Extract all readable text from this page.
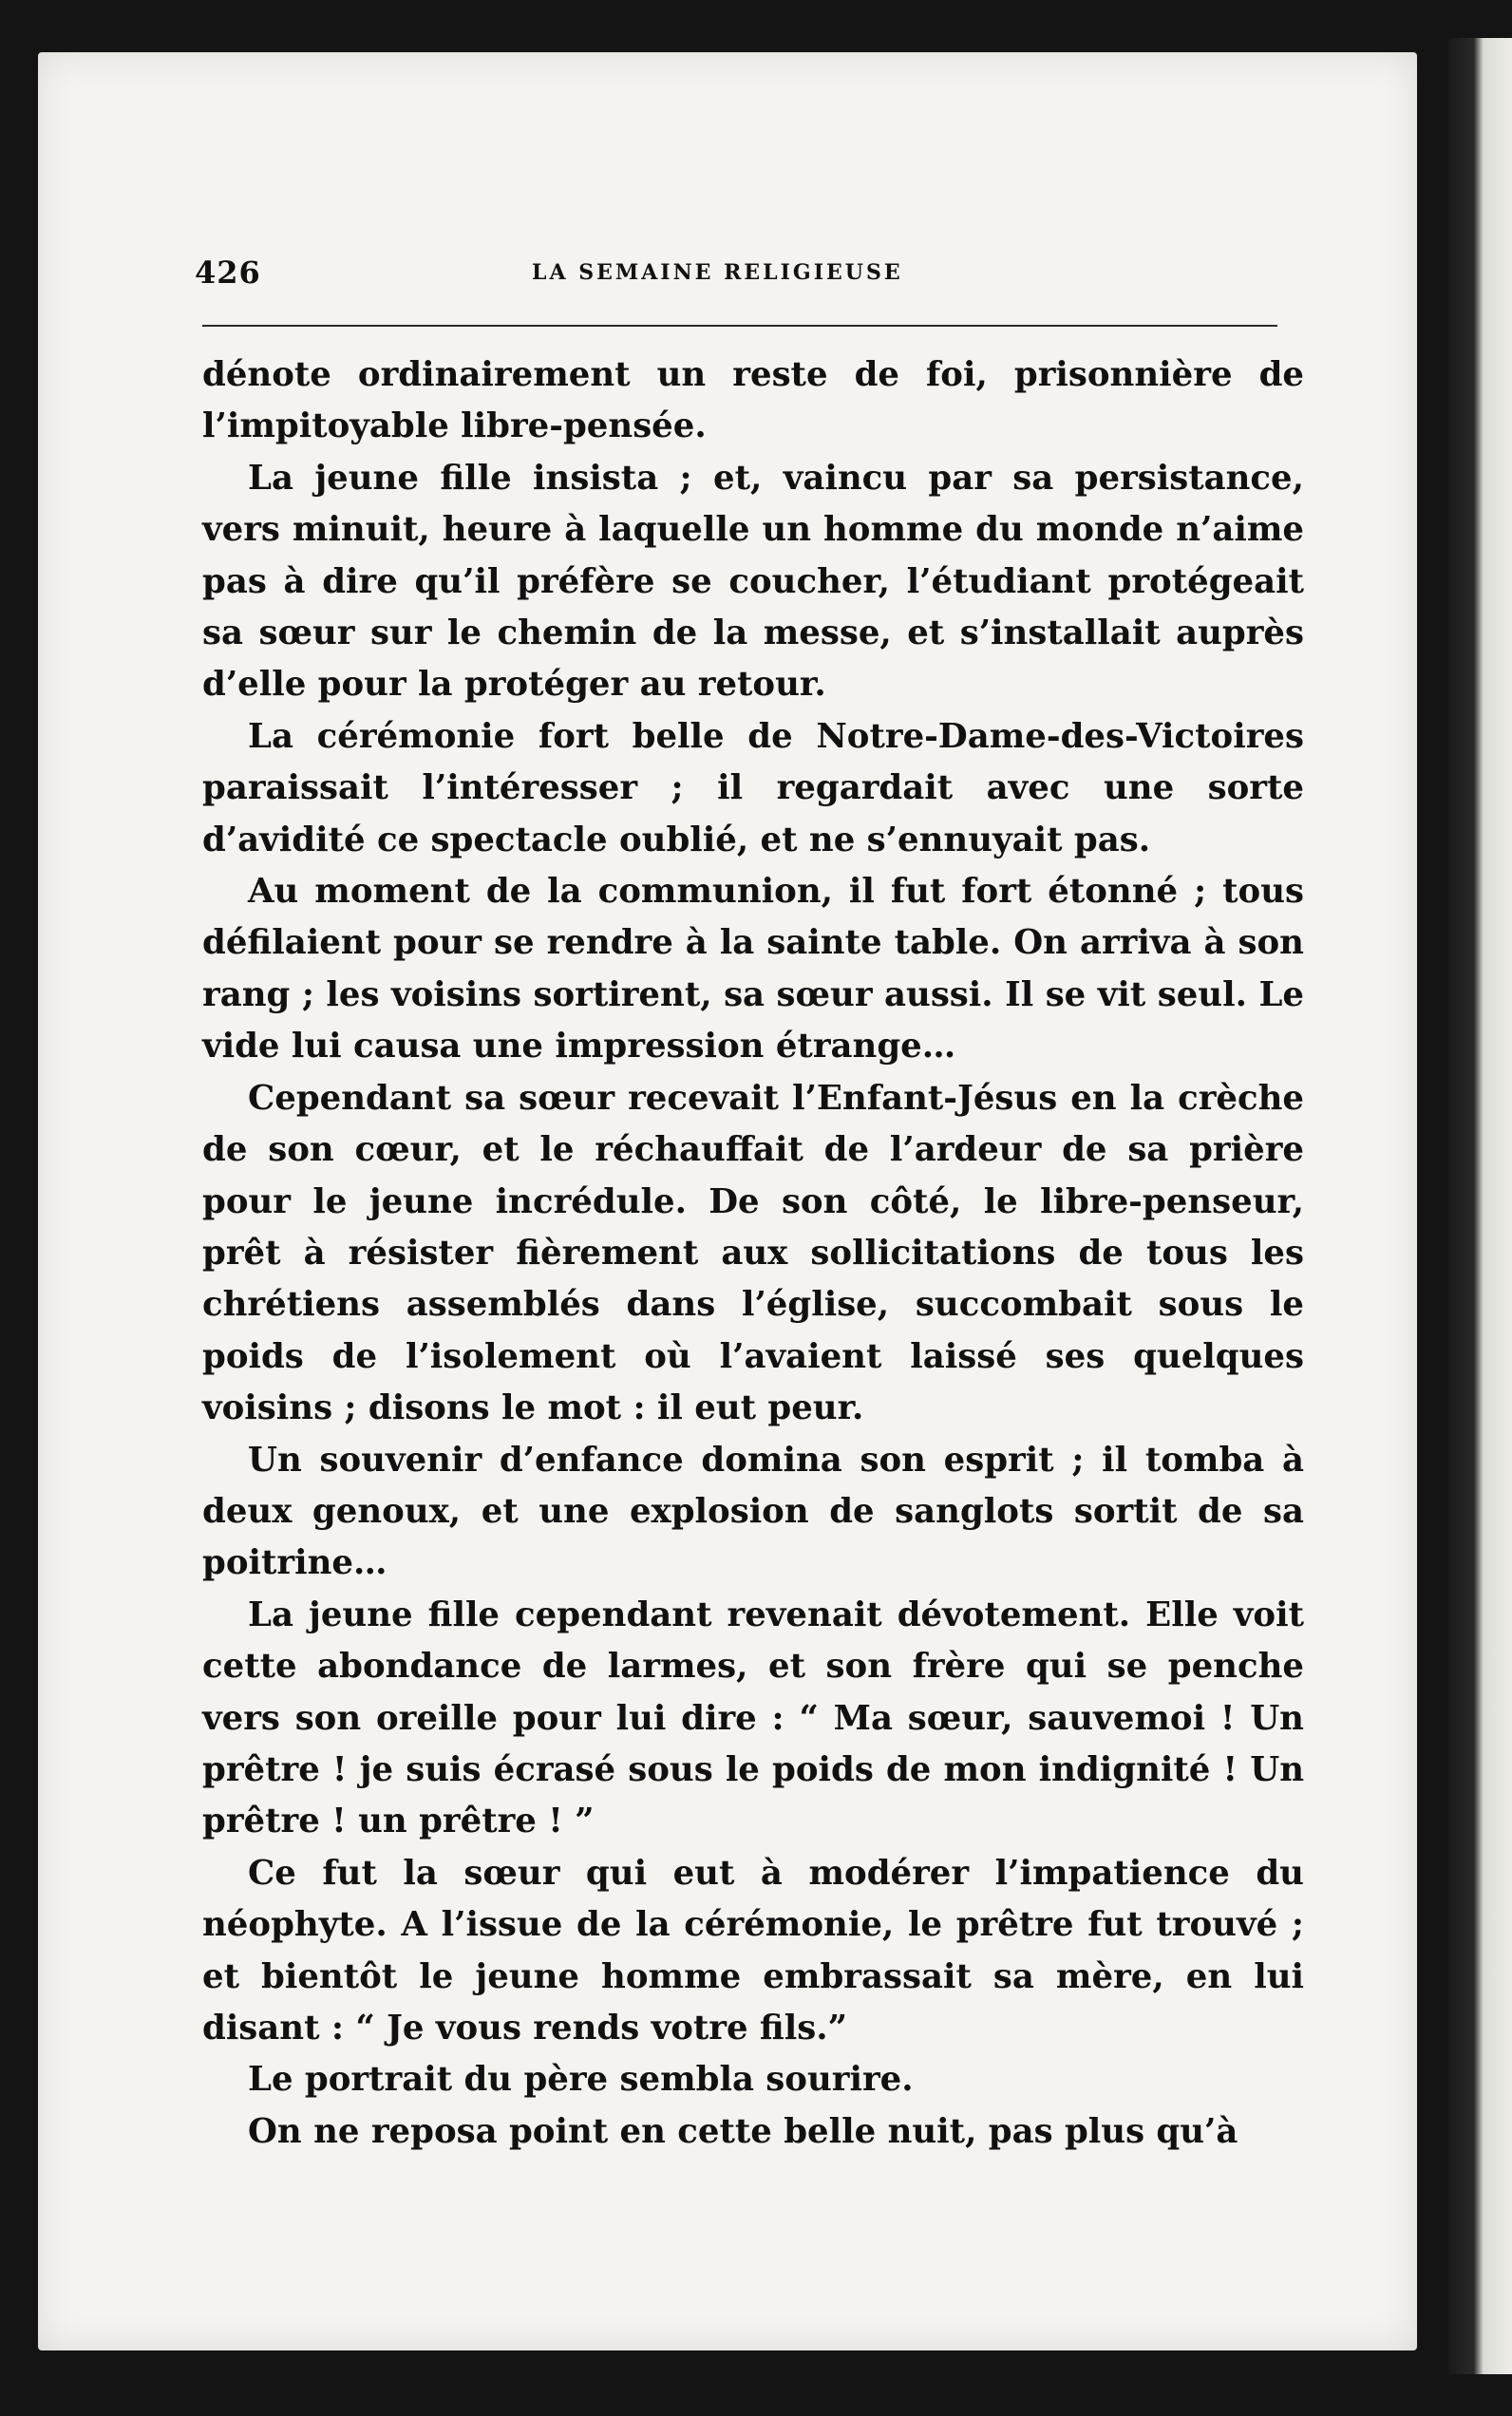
426	LA SEMAINE RELIGIEUSE

dénote ordinairement un reste de foi, prisonnière de l’impitoyable libre-pensée.

La jeune fille insista ; et, vaincu par sa persistance, vers minuit, heure à laquelle un homme du monde n’aime pas à dire qu’il préfère se coucher, l’étudiant protégeait sa sœur sur le chemin de la messe, et s’installait auprès d’elle pour la protéger au retour.

La cérémonie fort belle de Notre-Dame-des-Victoires paraissait l’intéresser ; il regardait avec une sorte d’avidité ce spectacle oublié, et ne s’ennuyait pas.

Au moment de la communion, il fut fort étonné ; tous défilaient pour se rendre à la sainte table. On arriva à son rang ; les voisins sortirent, sa sœur aussi. Il se vit seul. Le vide lui causa une impression étrange…

Cependant sa sœur recevait l’Enfant-Jésus en la crèche de son cœur, et le réchauffait de l’ardeur de sa prière pour le jeune incrédule. De son côté, le libre-penseur, prêt à résister fièrement aux sollicitations de tous les chrétiens assemblés dans l’église, succombait sous le poids de l’isolement où l’avaient laissé ses quelques voisins ; disons le mot : il eut peur.

Un souvenir d’enfance domina son esprit ; il tomba à deux genoux, et une explosion de sanglots sortit de sa poitrine…

La jeune fille cependant revenait dévotement. Elle voit cette abondance de larmes, et son frère qui se penche vers son oreille pour lui dire : “ Ma sœur, sauvemoi ! Un prêtre ! je suis écrasé sous le poids de mon indignité ! Un prêtre ! un prêtre ! ”

Ce fut la sœur qui eut à modérer l’impatience du néophyte. A l’issue de la cérémonie, le prêtre fut trouvé ; et bientôt le jeune homme embrassait sa mère, en lui disant : “ Je vous rends votre fils.”

Le portrait du père sembla sourire.

On ne reposa point en cette belle nuit, pas plus qu’à
